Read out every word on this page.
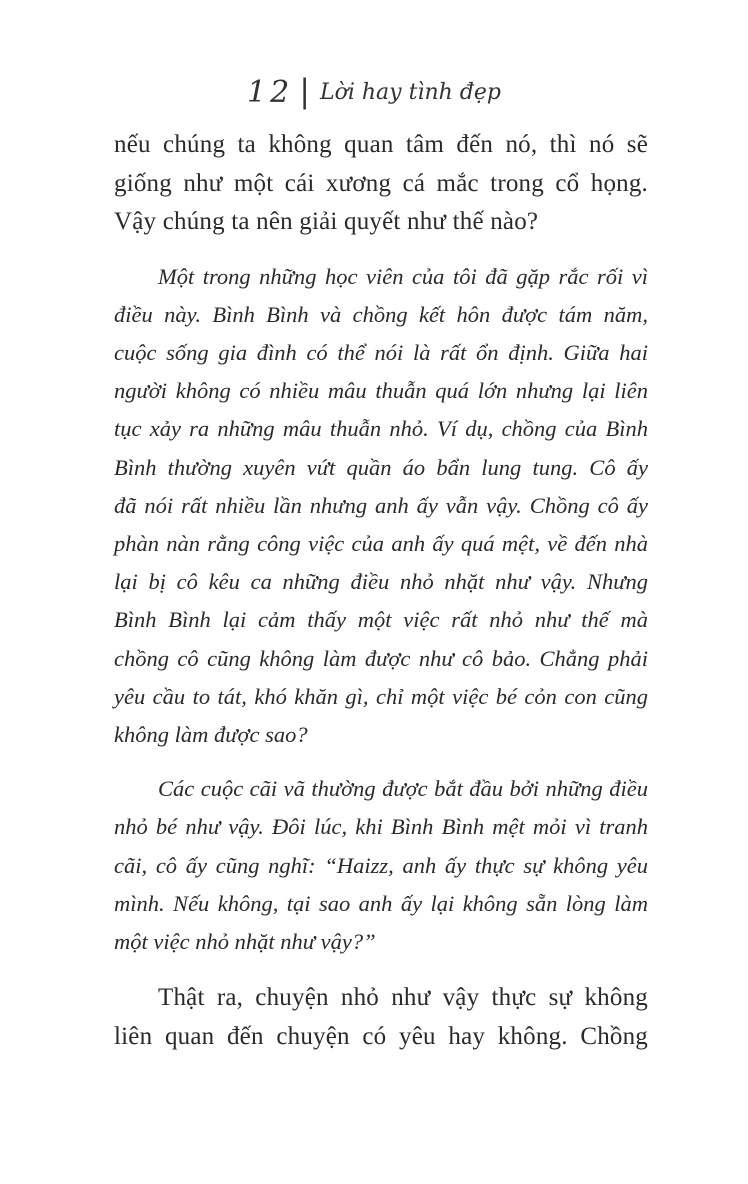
12 | Lời hay tình đẹp
nếu chúng ta không quan tâm đến nó, thì nó sẽ
giống như một cái xương cá mắc trong cổ họng.
Vậy chúng ta nên giải quyết như thế nào?
Một trong những học viên của tôi đã gặp rắc rối vì
điều này. Bình Bình và chồng kết hôn được tám năm,
cuộc sống gia đình có thể nói là rất ổn định. Giữa hai
người không có nhiều mâu thuẫn quá lớn nhưng lại liên
tục xảy ra những mâu thuẫn nhỏ. Ví dụ, chồng của Bình
Bình thường xuyên vứt quần áo bẩn lung tung. Cô ấy
đã nói rất nhiều lần nhưng anh ấy vẫn vậy. Chồng cô ấy
phàn nàn rằng công việc của anh ấy quá mệt, về đến nhà
lại bị cô kêu ca những điều nhỏ nhặt như vậy. Nhưng
Bình Bình lại cảm thấy một việc rất nhỏ như thế mà
chồng cô cũng không làm được như cô bảo. Chẳng phải
yêu cầu to tát, khó khăn gì, chỉ một việc bé cỏn con cũng
không làm được sao?
Các cuộc cãi vã thường được bắt đầu bởi những điều
nhỏ bé như vậy. Đôi lúc, khi Bình Bình mệt mỏi vì tranh
cãi, cô ấy cũng nghĩ: “Haizz, anh ấy thực sự không yêu
mình. Nếu không, tại sao anh ấy lại không sẵn lòng làm
một việc nhỏ nhặt như vậy?”
Thật ra, chuyện nhỏ như vậy thực sự không
liên quan đến chuyện có yêu hay không. Chồng
